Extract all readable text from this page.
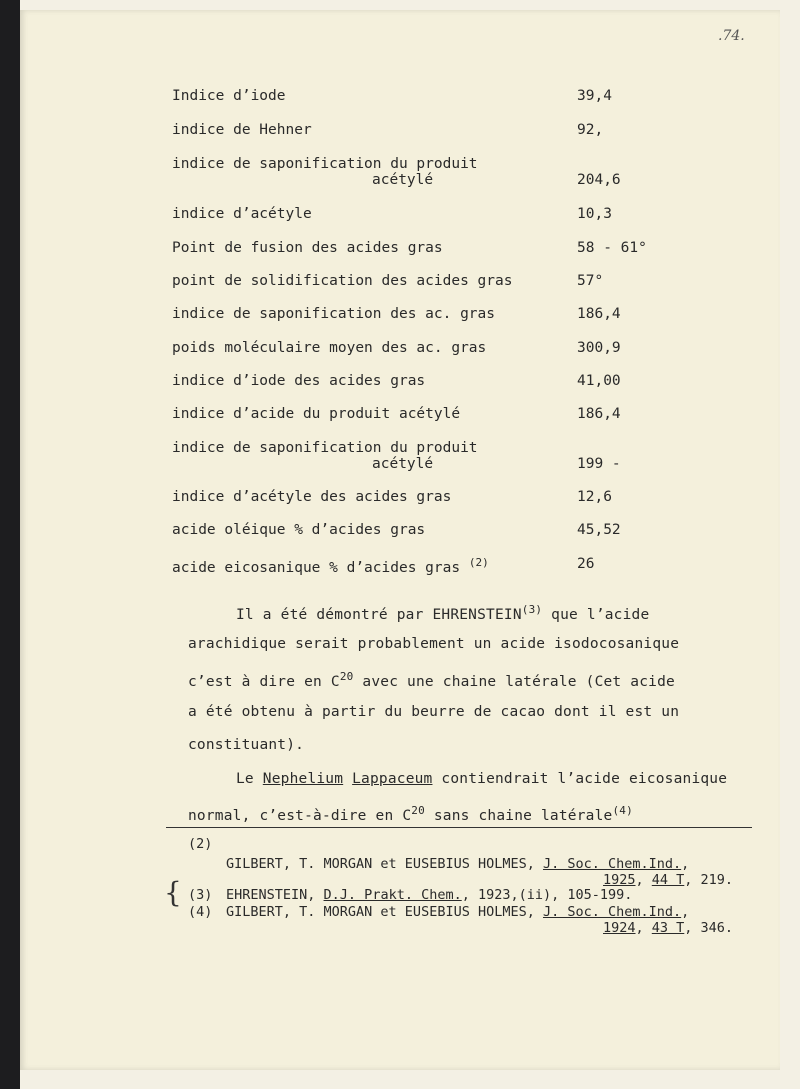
.74.
Indice d’iode	39,4
indice de Hehner	92,
indice de saponification du produit
acétylé	204,6
indice d’acétyle	10,3
Point de fusion des acides gras	58 - 61°
point de solidification des acides gras	57°
indice de saponification des ac. gras	186,4
poids moléculaire moyen des ac. gras	300,9
indice d’iode des acides gras	41,00
indice d’acide du produit acétylé	186,4
indice de saponification du produit
acétylé	199 -
indice d’acétyle des acides gras	12,6
acide oléique % d’acides gras	45,52
acide eicosanique % d’acides gras $^{(2)}$	26
Il a été démontré par EHRENSTEIN$^{(3)}$ que l’acide
arachidique serait probablement un acide isodocosanique
c’est à dire en $C^{20}$ avec une chaine latérale (Cet acide
a été obtenu à partir du beurre de cacao dont il est un
constituant).
Le Nephelium Lappaceum contiendrait l’acide eicosanique
normal, c’est-à-dire en $C^{20}$ sans chaine latérale$^{(4)}$
(2)
GILBERT, T. MORGAN et EUSEBIUS HOLMES, J. Soc. Chem.Ind.,
1925, 44 T, 219.
{ (3) EHRENSTEIN, D.J. Prakt. Chem., 1923,(ii), 105-199.
(4) GILBERT, T. MORGAN et EUSEBIUS HOLMES, J. Soc. Chem.Ind.,
1924, 43 T, 346.
